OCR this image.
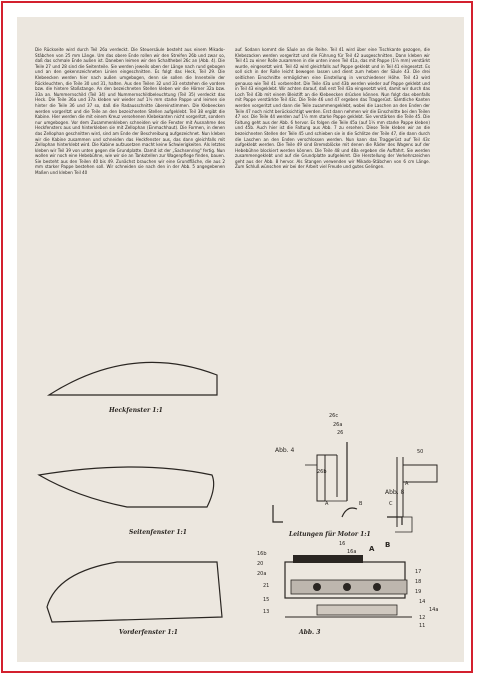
Die Rückseite wird durch Teil 26a verdeckt. Die Steuersäule besteht aus einem Mikado-Stäbchen von 25 mm Länge. Um das obere Ende rollen wir den Streifen 26b und zwar so, daß das schmale Ende außen ist. Daneben leimen wir den Schalthebel 26c an (Abb. 4). Die Teile 27 und 28 sind die Seitenteile. Sie werden jeweils oben der Länge nach rund gebogen und an den gekennzeichneten Linien eingeschnitten. Es folgt das Heck, Teil 29. Die Klebeecken werden hier nach außen umgebogen, denn sie sollen die Innenteile der Rückleuchten, die Teile 30 und 31, halten. Aus den Teilen 32 und 33 entstehen die vordere bzw. die hintere Stoßstange. An den bezeichneten Stellen kleben wir die Hörner 32a bzw. 33a an. Nummernschild (Teil 34) und Nummernschildbeleuchtung (Teil 35) verdeckt das Heck. Die Teile 36a und 37a kleben wir wieder auf 1½ mm starke Pappe und leimen sie hinter die Teile 36 und 37 so, daß die Radausschnitte übereinstimmen. Die Klebeecken werden vorgeritzt und die Teile an den bezeichneten Stellen aufgeklebt. Teil 38 ergibt die Kabine. Hier werden die mit einem Kreuz versehenen Klebekanten nicht vorgeritzt, sondern nur umgebogen. Vor dem Zusammenkleben schneiden wir die Fenster mit Ausnahme des Heckfensters aus und hinterkleben sie mit Zellophan (Einmachhaut). Die Formen, in denen das Zellophan geschnitten wird, sind am Ende der Beschreibung aufgezeichnet. Nun kleben wir die Kabine zusammen und schneiden das Heckfenster aus, das dann gleichfalls mit Zellophan hinterklebt wird. Die Kabine aufzusetzen macht keine Schwierigkeiten. Als letztes kleben wir Teil 39 von unten gegen die Grundplatte. Damit ist der „Sachsenring" fertig. Nun wollen wir noch eine Hebebühne, wie wir sie an Tankstellen zur Wagenpflege finden, bauen. Sie besteht aus den Teilen 40 bis 49. Zunächst brauchen wir eine Grundfläche, die aus 2 mm starker Pappe bestehen soll. Wir schneiden sie nach den in der Abb. 5 angegebenen Maßen und kleben Teil 40
auf. Sodann kommt die Säule an die Reihe. Teil 41 wird über eine Tischkante gezogen, die Klebezacken werden vorgeritzt und die Führung für Teil 42 ausgeschnitten. Dann kleben wir Teil 41 zu einer Rolle zusammen in die unten innen Teil 41a, das mit Pappe (1½ mm) verstärkt wurde, eingesetzt wird. Teil 42 wird gleichfalls auf Pappe geklebt und in Teil 41 eingesetzt. Es soll sich in der Rolle leicht bewegen lassen und dient zum heben der Säule 43. Die drei seitlichen Einschnitte ermöglichen eine Einstellung in verschiedener Höhe. Teil 43 wird genauso wie Teil 41 vorbereitet. Die Teile 43a und 43b werden wieder auf Pappe geklebt und in Teil 43 eingeklebt. Wir achten darauf, daß erst Teil 43a eingesetzt wird, damit wir durch das Loch Teil 43b mit einem Bleistift an die Klebeecken drücken können. Nun folgt das ebenfalls mit Pappe verstärkte Teil 43c. Die Teile 46 und 47 ergeben das Traggerüst. Sämtliche Kanten werden vorgeritzt und dann die Teile zusammengeklebt, wobei die Laschen an den Enden der Teile 47 noch nicht berücksichtigt werden. Erst dann nehmen wir die Einschnitte bei den Teilen 47 vor. Die Teile 44 werden auf 1½ mm starke Pappe geklebt. Sie verstärken die Teile 45. Die Faltung geht aus der Abb. 6 hervor. Es folgen die Teile 45a (auf 1½ mm starke Pappe kleben) und 45b. Auch hier ist die Faltung aus Abb. 7 zu ersehen. Diese Teile kleben wir an die bezeichneten Stellen der Teile 45 und schieben sie in die Schlitze der Teile 47, die dann durch die Laschen an den Enden verschlossen werden. Nun kann das Traggerüst auf Teil 43c aufgeklebt werden. Die Teile 49 sind Bremsblöcke mit denen die Räder des Wagens auf der Hebebühne blockiert werden können. Die Teile 48 und 48a ergeben die Auffahrt. Sie werden zusammengeklebt und auf die Grundplatte aufgeleimt. Die Herstellung der Verkehrszeichen geht aus der Abb. 8 hervor. Als Stangen verwenden wir Mikado-Stäbchen von 6 cm Länge. Zum Schluß wünschen wir bei der Arbeit viel Freude und gutes Gelingen.
Heckfenster 1:1
Seitenfenster 1:1
Vorderfenster 1:1
26c
26a
26
26b
Abb. 4	50
A
Abb. 8
A	B	C
Leitungen für Motor 1:1
16
16a
16b
20
20a
21
15
13
14
14a
12
11
17
18
19
A B
Abb. 3
